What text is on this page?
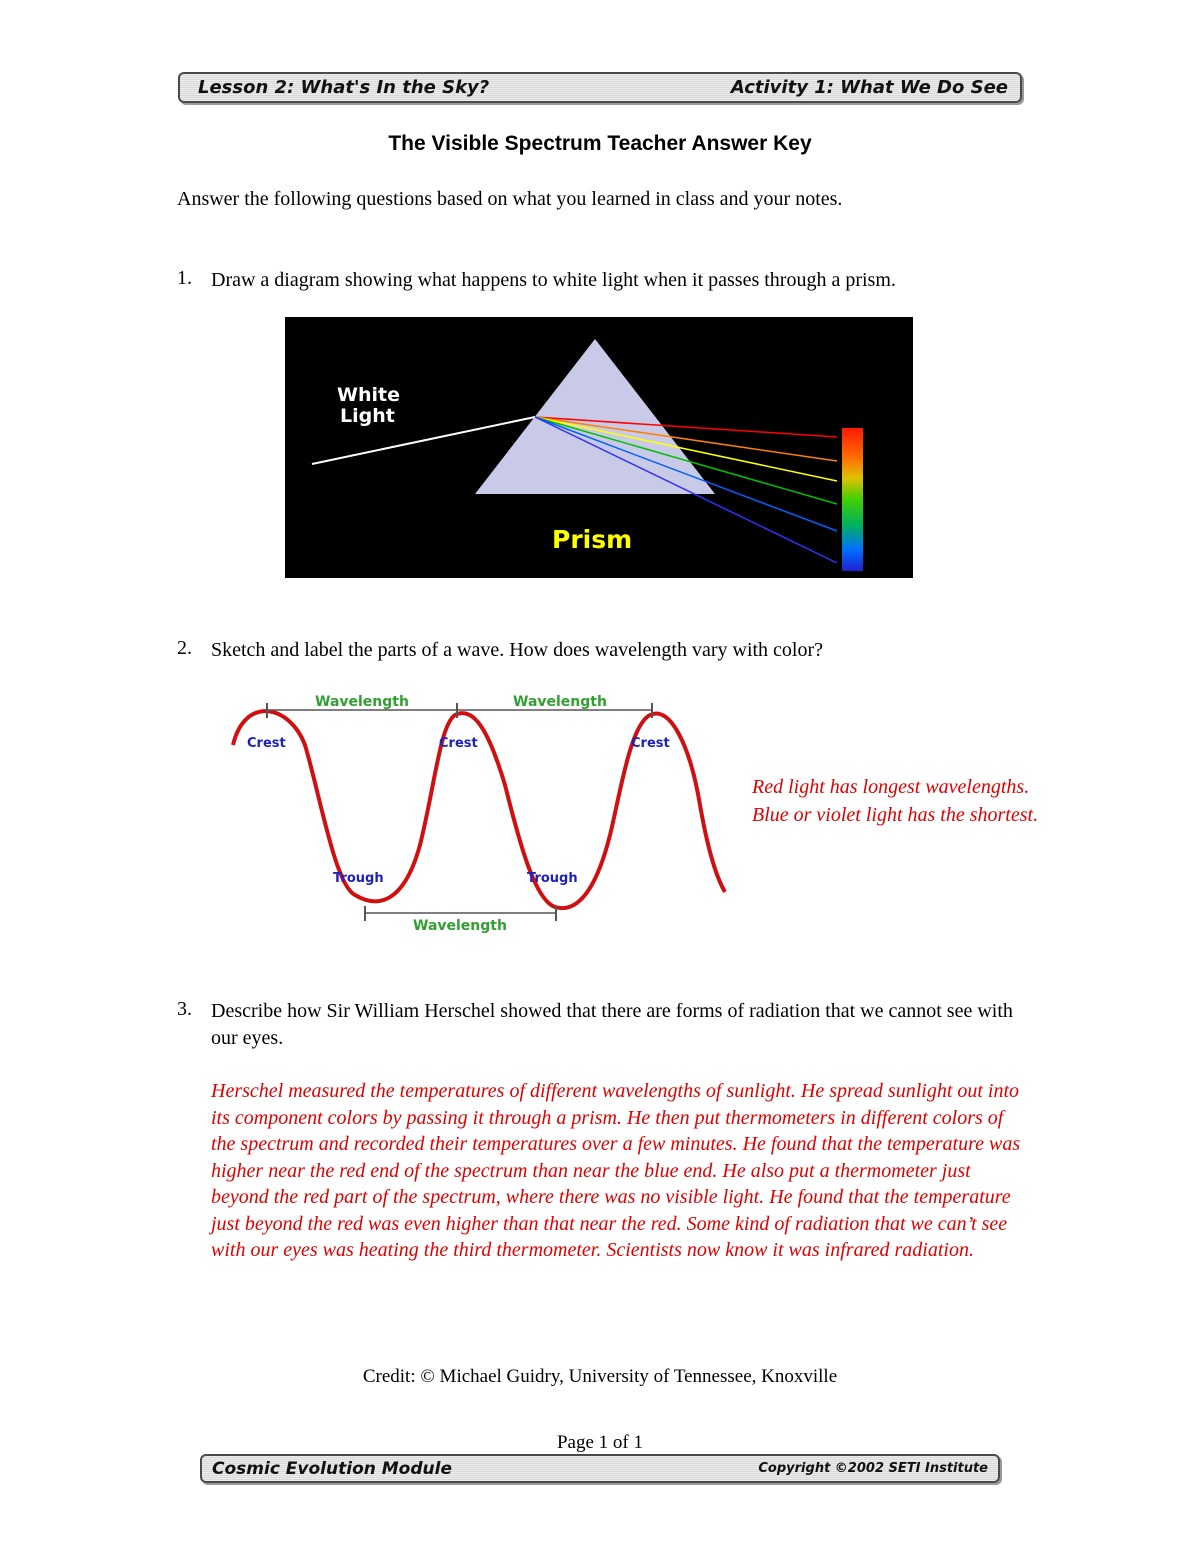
Lesson 2: What's In the Sky?	Activity 1: What We Do See
The Visible Spectrum Teacher Answer Key
Answer the following questions based on what you learned in class and your notes.
1. Draw a diagram showing what happens to white light when it passes through a prism.
White
Light
Prism
2. Sketch and label the parts of a wave. How does wavelength vary with color?
Wavelength	Wavelength
Wavelength
Crest	Crest	Crest
Trough	Trough
Red light has longest wavelengths. Blue or violet light has the shortest.
3. Describe how Sir William Herschel showed that there are forms of radiation that we cannot see with our eyes.
Herschel measured the temperatures of different wavelengths of sunlight. He spread sunlight out into its component colors by passing it through a prism. He then put thermometers in different colors of the spectrum and recorded their temperatures over a few minutes. He found that the temperature was higher near the red end of the spectrum than near the blue end. He also put a thermometer just beyond the red part of the spectrum, where there was no visible light. He found that the temperature just beyond the red was even higher than that near the red. Some kind of radiation that we can’t see with our eyes was heating the third thermometer. Scientists now know it was infrared radiation.
Credit: © Michael Guidry, University of Tennessee, Knoxville
Page 1 of 1
Cosmic Evolution Module	Copyright ©2002 SETI Institute
